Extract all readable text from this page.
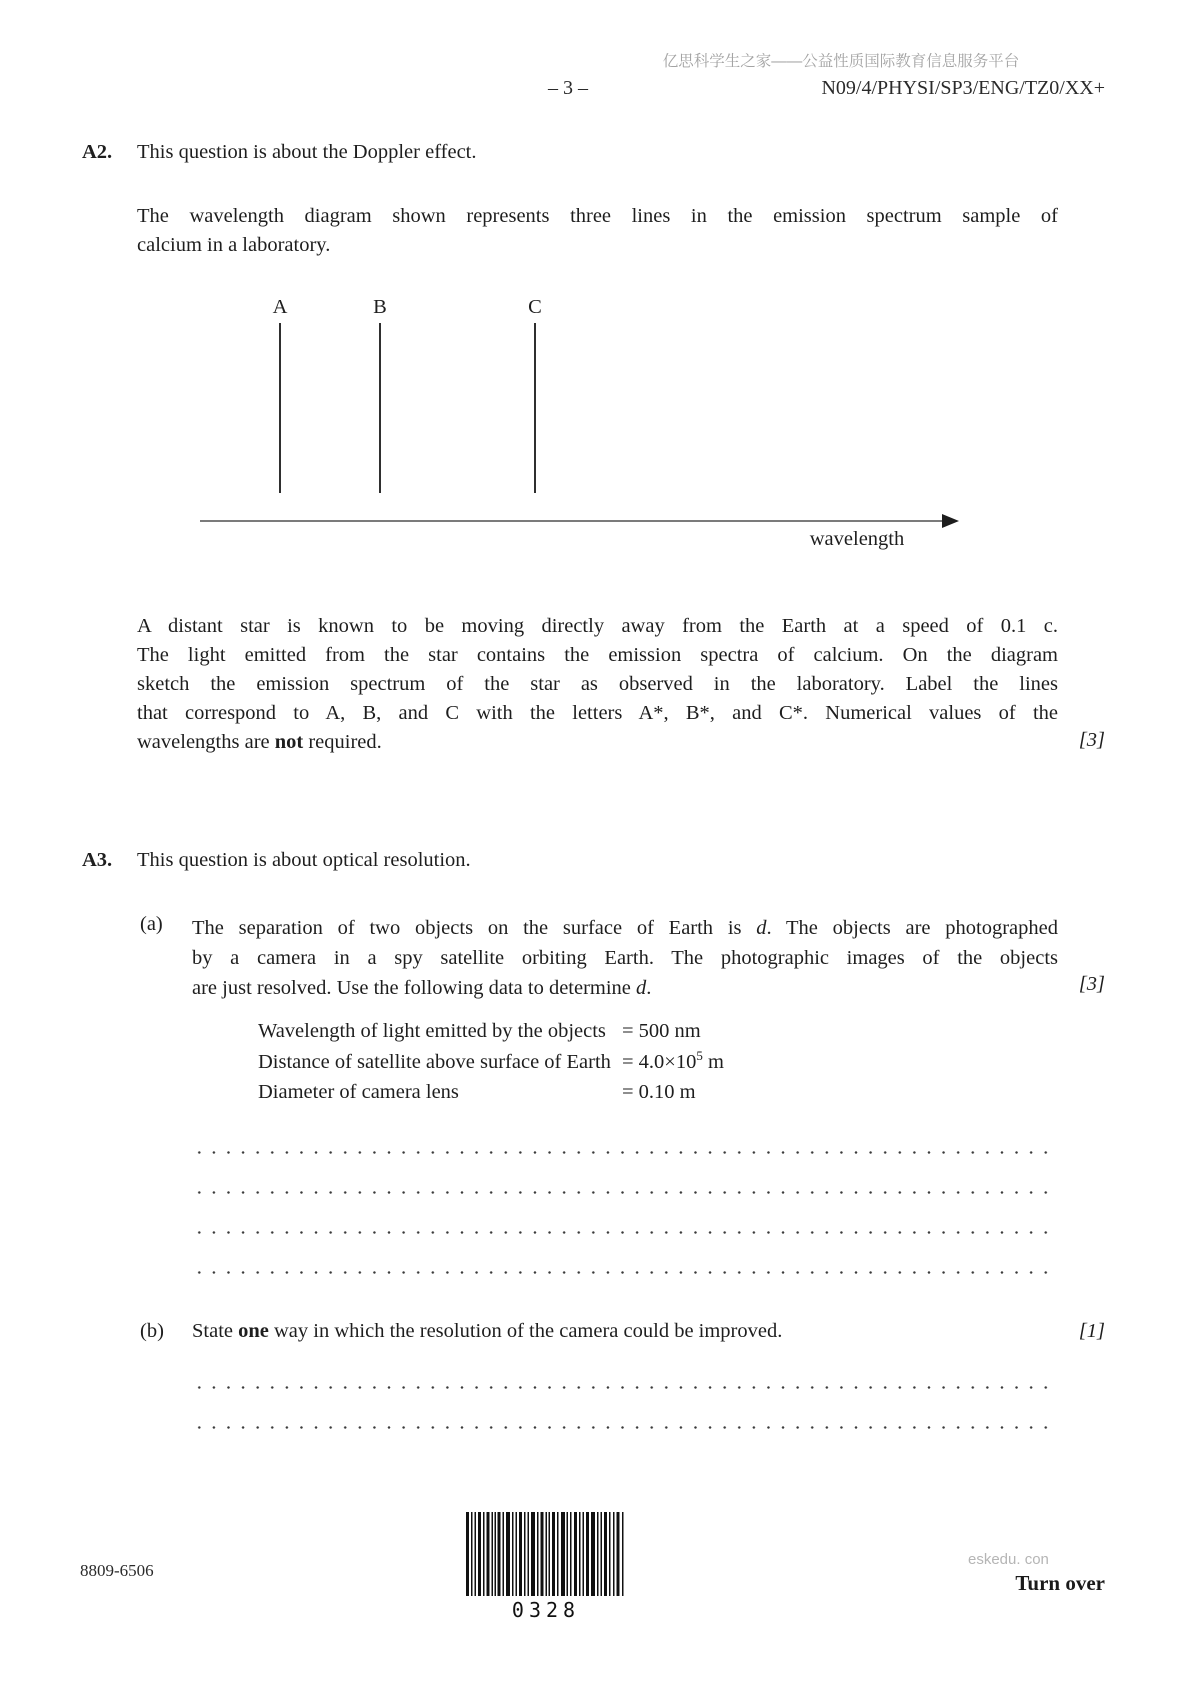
亿思科学生之家——公益性质国际教育信息服务平台
– 3 –	N09/4/PHYSI/SP3/ENG/TZ0/XX+
A2. This question is about the Doppler effect.
The wavelength diagram shown represents three lines in the emission spectrum sample of
calcium in a laboratory.
A	B	C
wavelength
A distant star is known to be moving directly away from the Earth at a speed of 0.1 c.
The light emitted from the star contains the emission spectra of calcium. On the diagram
sketch the emission spectrum of the star as observed in the laboratory. Label the lines
that correspond to A, B, and C with the letters A*, B*, and C*. Numerical values of the
wavelengths are not required.	[3]
A3. This question is about optical resolution.
(a) The separation of two objects on the surface of Earth is d. The objects are photographed
by a camera in a spy satellite orbiting Earth. The photographic images of the objects
are just resolved. Use the following data to determine d.	[3]
Wavelength of light emitted by the objects = 500 nm
Distance of satellite above surface of Earth = $4.0\times 10^5$ m
Diameter of camera lens	= 0.10 m
(b) State one way in which the resolution of the camera could be improved.	[1]
8809-6506
0328
eskedu. con
Turn over
